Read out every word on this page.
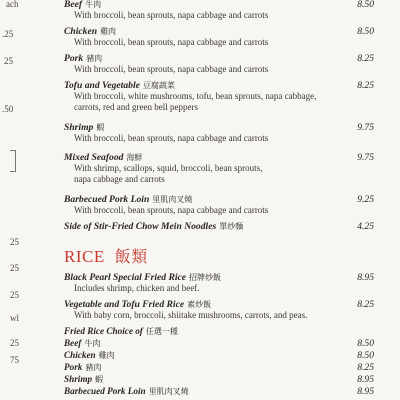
ach
.25
25
.50
25
25
25
wl
25
75
Beef 牛肉
With broccoli, bean sprouts, napa cabbage and carrots
8.50
Chicken 雞肉
With broccoli, bean sprouts, napa cabbage and carrots
8.50
Pork 豬肉
With broccoli, bean sprouts, napa cabbage and carrots
8.25
Tofu and Vegetable 豆腐蔬菜
With broccoli, white mushrooms, tofu, bean sprouts, napa cabbage,
carrots, red and green bell peppers
8.25
Shrimp 蝦
With broccoli, bean sprouts, napa cabbage and carrots
9.75
Mixed Seafood 海鮮
With shrimp, scallops, squid, broccoli, bean sprouts,
napa cabbage and carrots
9.75
Barbecued Pork Loin 里肌肉叉燒
With broccoli, bean sprouts, napa cabbage and carrots
9.25
Side of Stir-Fried Chow Mein Noodles 單炒麵	4.25
RICE 飯類
Black Pearl Special Fried Rice 招牌炒飯
Includes shrimp, chicken and beef.
8.95
Vegetable and Tofu Fried Rice 素炒飯
With baby corn, broccoli, shiitake mushrooms, carrots, and peas.
8.25
Fried Rice Choice of 任選一種
Beef 牛肉	8.50
Chicken 雞肉	8.50
Pork 豬肉	8.25
Shrimp 蝦	8.95
Barbecued Pork Loin 里肌肉叉燒	8.95
